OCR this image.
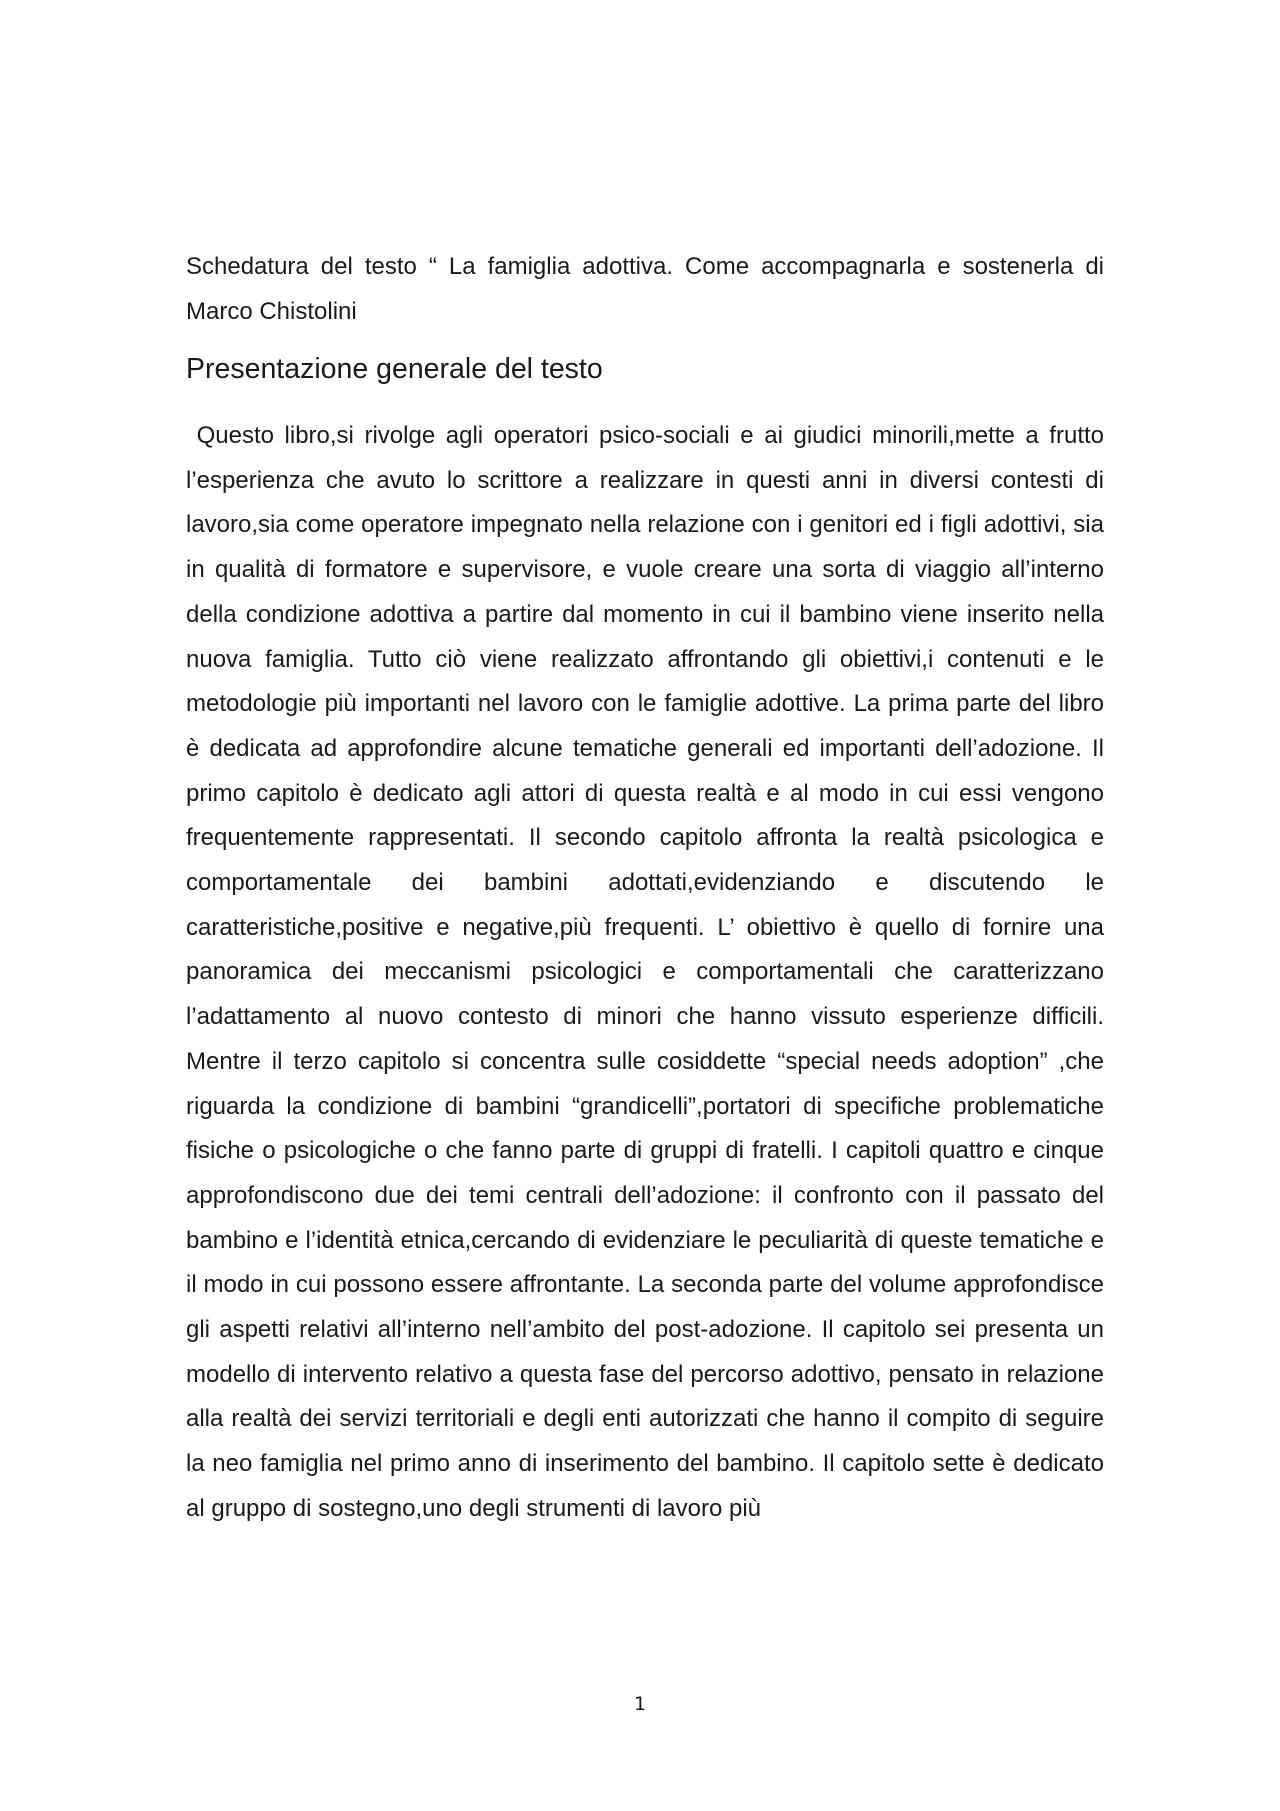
Schedatura del testo “ La famiglia adottiva. Come accompagnarla e sostenerla di Marco Chistolini

Presentazione generale del testo

Questo libro,si rivolge agli operatori psico-sociali e ai giudici minorili,mette a frutto l’esperienza che avuto lo scrittore a realizzare in questi anni in diversi contesti di lavoro,sia come operatore impegnato nella relazione con i genitori ed i figli adottivi, sia in qualità di formatore e supervisore, e vuole creare una sorta di viaggio all’interno della condizione adottiva a partire dal momento in cui il bambino viene inserito nella nuova famiglia. Tutto ciò viene realizzato affrontando gli obiettivi,i contenuti e le metodologie più importanti nel lavoro con le famiglie adottive. La prima parte del libro è dedicata ad approfondire alcune tematiche generali ed importanti dell’adozione. Il primo capitolo è dedicato agli attori di questa realtà e al modo in cui essi vengono frequentemente rappresentati. Il secondo capitolo affronta la realtà psicologica e comportamentale dei bambini adottati,evidenziando e discutendo le caratteristiche,positive e negative,più frequenti. L’ obiettivo è quello di fornire una panoramica dei meccanismi psicologici e comportamentali che caratterizzano l’adattamento al nuovo contesto di minori che hanno vissuto esperienze difficili. Mentre il terzo capitolo si concentra sulle cosiddette “special needs adoption” ,che riguarda la condizione di bambini “grandicelli”,portatori di specifiche problematiche fisiche o psicologiche o che fanno parte di gruppi di fratelli. I capitoli quattro e cinque approfondiscono due dei temi centrali dell’adozione: il confronto con il passato del bambino e l’identità etnica,cercando di evidenziare le peculiarità di queste tematiche e il modo in cui possono essere affrontante. La seconda parte del volume approfondisce gli aspetti relativi all’interno nell’ambito del post-adozione. Il capitolo sei presenta un modello di intervento relativo a questa fase del percorso adottivo, pensato in relazione alla realtà dei servizi territoriali e degli enti autorizzati che hanno il compito di seguire la neo famiglia nel primo anno di inserimento del bambino. Il capitolo sette è dedicato al gruppo di sostegno,uno degli strumenti di lavoro più

1
